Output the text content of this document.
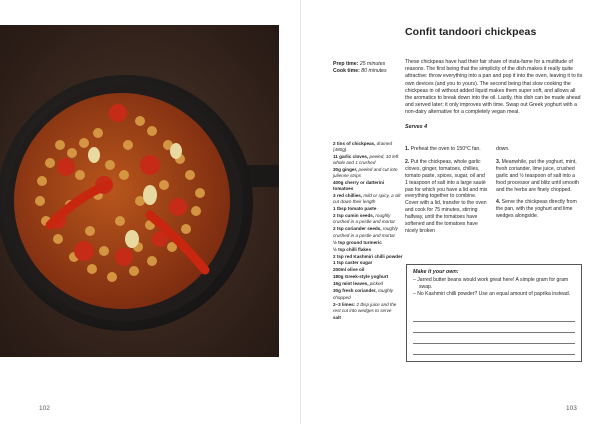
102
Confit tandoori chickpeas
Prep time: 25 minutes
Cook time: 80 minutes
These chickpeas have had their fair share of insta-fame for a multitude of reasons. The first being that the simplicity of the dish makes it really quite attractive: throw everything into a pan and pop it into the oven, leaving it to its own devices (and you to yours). The second being that slow cooking the chickpeas in oil without added liquid makes them super soft, and allows all the aromatics to break down into the oil. Lastly, this dish can be made ahead and served later; it only improves with time. Swap out Greek yoghurt with a non-dairy alternative for a completely vegan meal.
Serves 4
2 tins of chickpeas, drained (480g)
11 garlic cloves, peeled, 10 left whole and 1 crushed
30g ginger, peeled and cut into julienne strips
400g cherry or datterini tomatoes
3 red chillies, mild or spicy, a slit cut down their length
1 tbsp tomato paste
2 tsp cumin seeds, roughly crushed in a pestle and mortar
2 tsp coriander seeds, roughly crushed in a pestle and mortar
½ tsp ground turmeric
½ tsp chilli flakes
2 tsp red Kashmiri chilli powder
1 tsp caster sugar
200ml olive oil
180g Greek-style yoghurt
15g mint leaves, picked
30g fresh coriander, roughly chopped
2–3 limes: 2 tbsp juice and the rest cut into wedges to serve
salt
1. Preheat the oven to 150°C fan.
2. Put the chickpeas, whole garlic cloves, ginger, tomatoes, chillies, tomato paste, spices, sugar, oil and 1 teaspoon of salt into a large sauté pan for which you have a lid and mix everything together to combine. Cover with a lid, transfer to the oven and cook for 75 minutes, stirring halfway, until the tomatoes have softened and the tomatoes have nicely broken
down.
3. Meanwhile, put the yoghurt, mint, fresh coriander, lime juice, crushed garlic and ½ teaspoon of salt into a food processor and blitz until smooth and the herbs are finely chopped.
4. Serve the chickpeas directly from the pan, with the yoghurt and lime wedges alongside.
Make it your own:
– Jarred butter beans would work great here! A simple gram for gram swap.
– No Kashmiri chilli powder? Use an equal amount of paprika instead.
103
